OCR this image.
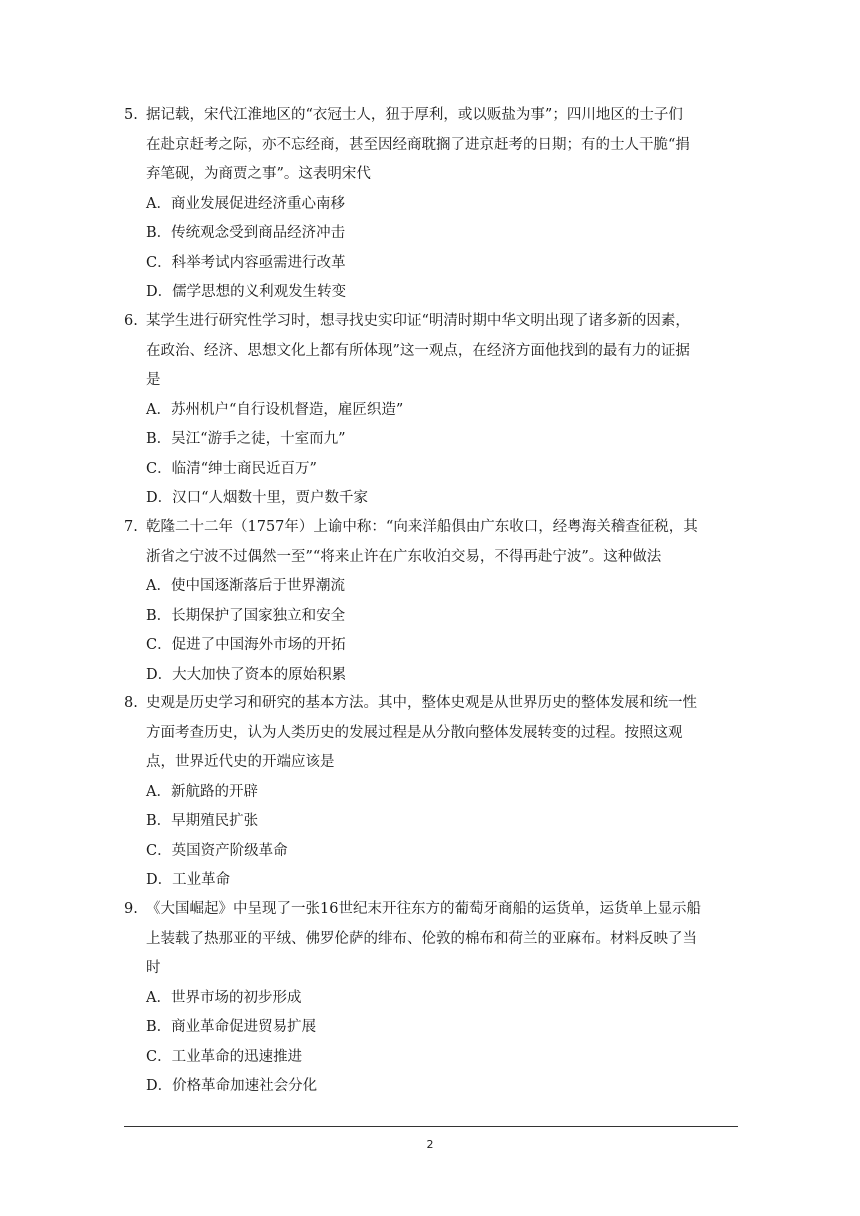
5. 据记载，宋代江淮地区的“衣冠士人，狃于厚利，或以贩盐为事”；四川地区的士子们
在赴京赶考之际，亦不忘经商，甚至因经商耽搁了进京赶考的日期；有的士人干脆“捐
弃笔砚，为商贾之事”。这表明宋代
A．商业发展促进经济重心南移
B．传统观念受到商品经济冲击
C．科举考试内容亟需进行改革
D．儒学思想的义利观发生转变
6. 某学生进行研究性学习时，想寻找史实印证“明清时期中华文明出现了诸多新的因素，
在政治、经济、思想文化上都有所体现”这一观点，在经济方面他找到的最有力的证据
是
A．苏州机户“自行设机督造，雇匠织造”
B．吴江“游手之徒，十室而九”
C．临清“绅士商民近百万”
D．汉口“人烟数十里，贾户数千家
7. 乾隆二十二年（1757年）上谕中称：“向来洋船俱由广东收口，经粤海关稽查征税，其
浙省之宁波不过偶然一至”“将来止许在广东收泊交易，不得再赴宁波”。这种做法
A．使中国逐渐落后于世界潮流
B．长期保护了国家独立和安全
C．促进了中国海外市场的开拓
D．大大加快了资本的原始积累
8. 史观是历史学习和研究的基本方法。其中，整体史观是从世界历史的整体发展和统一性
方面考查历史，认为人类历史的发展过程是从分散向整体发展转变的过程。按照这观
点，世界近代史的开端应该是
A．新航路的开辟
B．早期殖民扩张
C．英国资产阶级革命
D．工业革命
9. 《大国崛起》中呈现了一张16世纪末开往东方的葡萄牙商船的运货单，运货单上显示船
上装载了热那亚的平绒、佛罗伦萨的绯布、伦敦的棉布和荷兰的亚麻布。材料反映了当
时
A．世界市场的初步形成
B．商业革命促进贸易扩展
C．工业革命的迅速推进
D．价格革命加速社会分化
2
